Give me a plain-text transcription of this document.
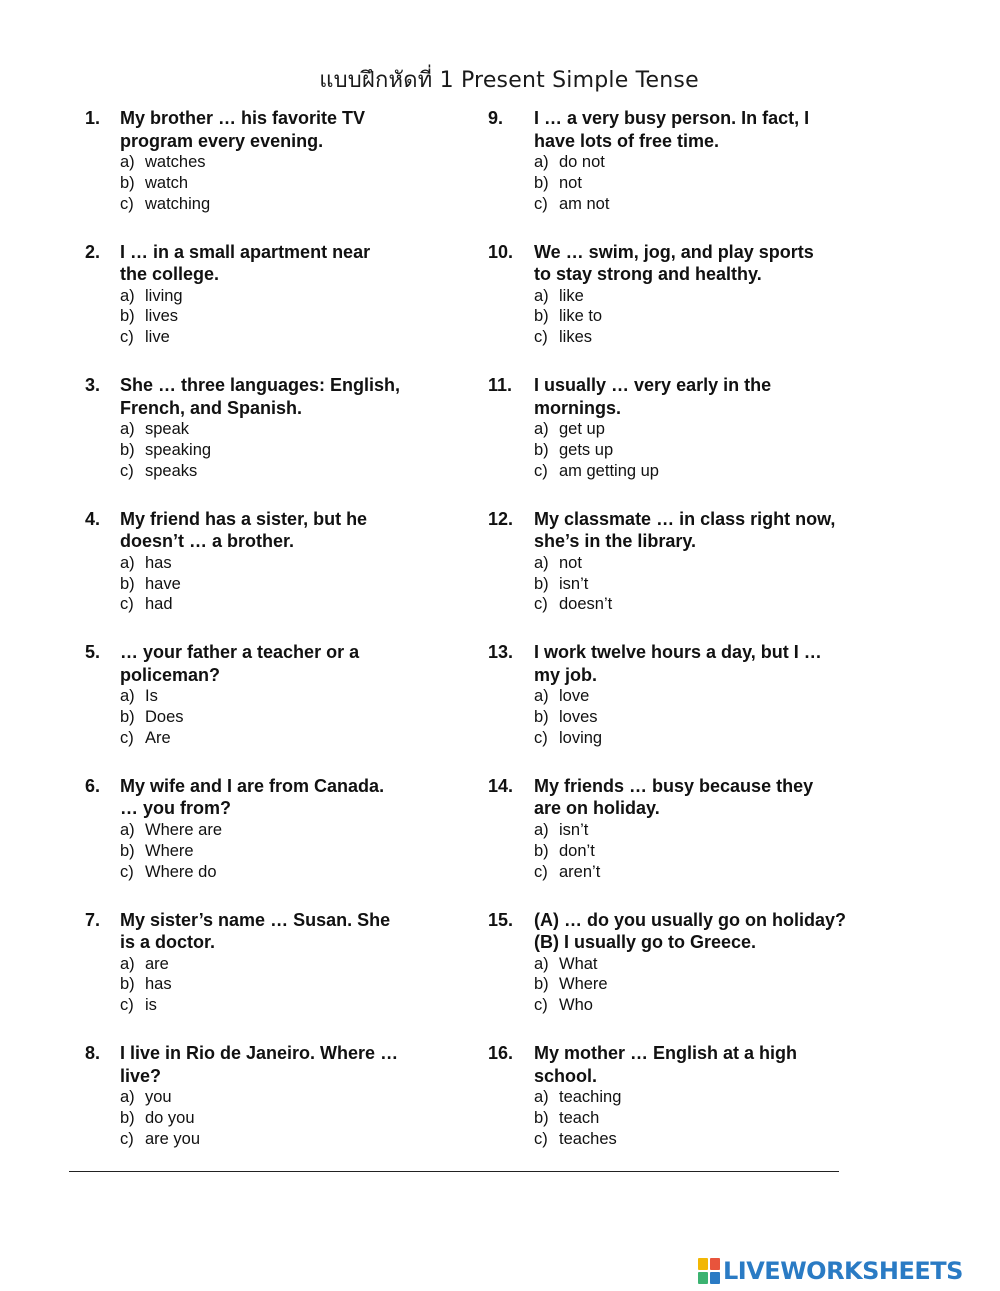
แบบฝึกหัดที่ 1 Present Simple Tense
1. My brother … his favorite TV
program every evening.
a) watches
b) watch
c) watching
2. I … in a small apartment near
the college.
a) living
b) lives
c) live
3. She … three languages: English,
French, and Spanish.
a) speak
b) speaking
c) speaks
4. My friend has a sister, but he
doesn’t … a brother.
a) has
b) have
c) had
5. … your father a teacher or a
policeman?
a) Is
b) Does
c) Are
6. My wife and I are from Canada.
… you from?
a) Where are
b) Where
c) Where do
7. My sister’s name … Susan. She
is a doctor.
a) are
b) has
c) is
8. I live in Rio de Janeiro. Where …
live?
a) you
b) do you
c) are you
9. I … a very busy person. In fact, I
have lots of free time.
a) do not
b) not
c) am not
10. We … swim, jog, and play sports
to stay strong and healthy.
a) like
b) like to
c) likes
11. I usually … very early in the
mornings.
a) get up
b) gets up
c) am getting up
12. My classmate … in class right now,
she’s in the library.
a) not
b) isn’t
c) doesn’t
13. I work twelve hours a day, but I …
my job.
a) love
b) loves
c) loving
14. My friends … busy because they
are on holiday.
a) isn’t
b) don’t
c) aren’t
15. (A) … do you usually go on holiday?
(B) I usually go to Greece.
a) What
b) Where
c) Who
16. My mother … English at a high
school.
a) teaching
b) teach
c) teaches
LIVEWORKSHEETS
